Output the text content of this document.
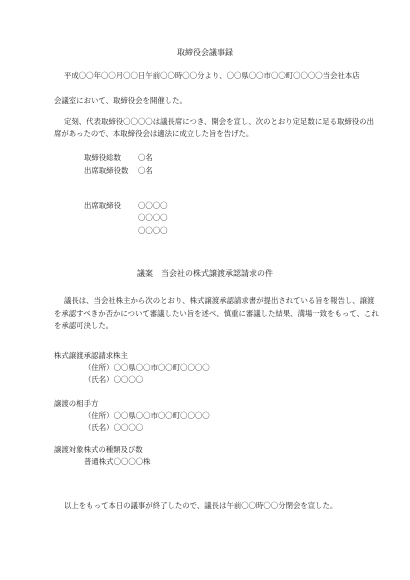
取締役会議事録

平成〇〇年〇〇月〇〇日午前〇〇時〇〇分より、〇〇県〇〇市〇〇町〇〇〇〇当会社本店

会議室において、取締役会を開催した。

定刻、代表取締役〇〇〇〇は議長席につき、開会を宣し、次のとおり定足数に足る取締役の出

席があったので、本取締役会は適法に成立した旨を告げた。

取締役総数 〇名
出席取締役数 〇名
出席取締役 〇〇〇〇
〇〇〇〇
〇〇〇〇

議案　当会社の株式譲渡承認請求の件

議長は、当会社株主から次のとおり、株式譲渡承認請求書が提出されている旨を報告し、譲渡

を承認すべきか否かについて審議したい旨を述べ、慎重に審議した結果、満場一致をもって、これ

を承認可決した。

株式譲渡承認請求株主
（住所）〇〇県〇〇市〇〇町〇〇〇〇
（氏名）〇〇〇〇
譲渡の相手方
（住所）〇〇県〇〇市〇〇町〇〇〇〇
（氏名）〇〇〇〇
譲渡対象株式の種類及び数
普通株式〇〇〇〇株

以上をもって本日の議事が終了したので、議長は午前〇〇時〇〇分閉会を宣した。
